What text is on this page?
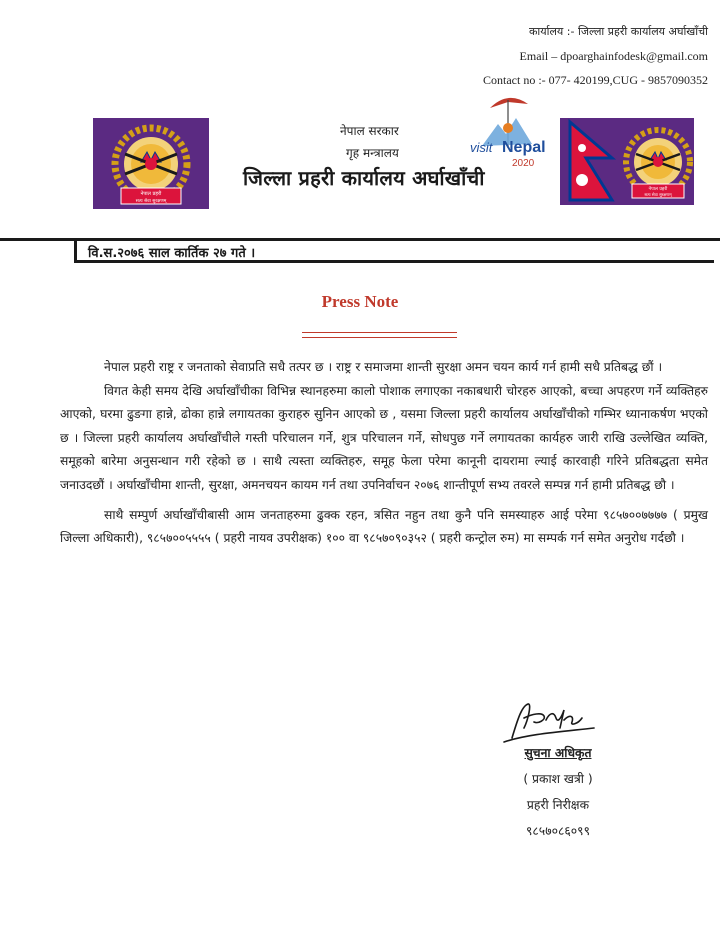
कार्यालय :- जिल्ला प्रहरी कार्यालय अर्घाखाँची
Email – dpoarghainfodesk@gmail.com
Contact no :- 077- 420199,CUG - 9857090352
नेपाल प्रहरी
सत्य सेवा सुरक्षणम्
नेपाल सरकार
गृह मन्त्रालय
जिल्ला प्रहरी कार्यालय अर्घाखाँची
visit Nepal
2020
नेपाल प्रहरी
सत्य सेवा सुरक्षणम्
वि.स.२०७६ साल कार्तिक २७ गते ।
Press Note

नेपाल प्रहरी राष्ट्र र जनताको सेवाप्रति सधै तत्पर छ । राष्ट्र र समाजमा शान्ती सुरक्षा अमन चयन कार्य गर्न हामी सधै प्रतिबद्ध छौं ।

विगत केही समय देखि अर्घाखाँचीका विभिन्न स्थानहरुमा कालो पोशाक लगाएका नकाबधारी चोरहरु आएको, बच्चा अपहरण गर्ने व्यक्तिहरु आएको, घरमा ढुङगा हान्ने, ढोका हान्ने लगायतका कुराहरु सुनिन आएको छ , यसमा जिल्ला प्रहरी कार्यालय अर्घाखाँचीको गम्भिर ध्यानाकर्षण भएको छ । जिल्ला प्रहरी कार्यालय अर्घाखाँचीले गस्ती परिचालन गर्ने, शुत्र परिचालन गर्ने, सोधपुछ गर्ने लगायतका कार्यहरु जारी राखि उल्लेखित व्यक्ति, समूहको बारेमा अनुसन्धान गरी रहेको छ । साथै त्यस्ता व्यक्तिहरु, समूह फेला परेमा कानूनी दायरामा ल्याई कारवाही गरिने प्रतिबद्धता समेत जनाउदछौं । अर्घाखाँचीमा शान्ती, सुरक्षा, अमनचयन कायम गर्न तथा उपनिर्वाचन २०७६ शान्तीपूर्ण सभ्य तवरले सम्पन्न गर्न हामी प्रतिबद्ध छौ ।

साथै सम्पुर्ण अर्घाखाँचीबासी आम जनताहरुमा ढुक्क रहन, त्रसित नहुन तथा कुनै पनि समस्याहरु आई परेमा ९८५७००७७७७ ( प्रमुख जिल्ला अधिकारी), ९८५७००५५५५ ( प्रहरी नायव उपरीक्षक) १०० वा ९८५७०९०३५२ ( प्रहरी कन्ट्रोल रुम) मा सम्पर्क गर्न समेत अनुरोध गर्दछौ ।

सुचना अधिकृत
( प्रकाश खत्री )
प्रहरी निरीक्षक
९८५७०८६०९९
